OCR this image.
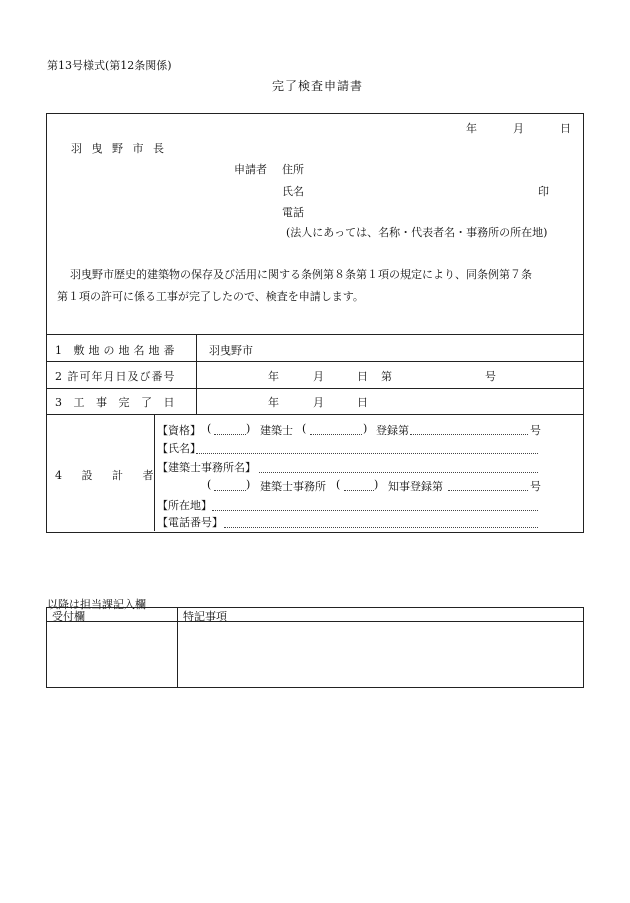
第13号様式(第12条関係)
完了検査申請書
年	月	日
羽 曳 野 市 長
申請者 住所
氏名	印
電話
(法人にあっては、名称・代表者名・事務所の所在地)
羽曳野市歴史的建築物の保存及び活用に関する条例第８条第１項の規定により、同条例第７条
第１項の許可に係る工事が完了したので、検査を申請します。
1 敷地の地名地番	羽曳野市
2 許可年月日及び番号	年	月	日 第	号
3 工 事 完 了 日	年	月	日
4 設 計 者
【資格】 (	) 建築士 (	) 登録第	号
【氏名】
【建築士事務所名】
(	) 建築士事務所 (	) 知事登録第	号
【所在地】
【電話番号】
以降は担当課記入欄
受付欄	特記事項
